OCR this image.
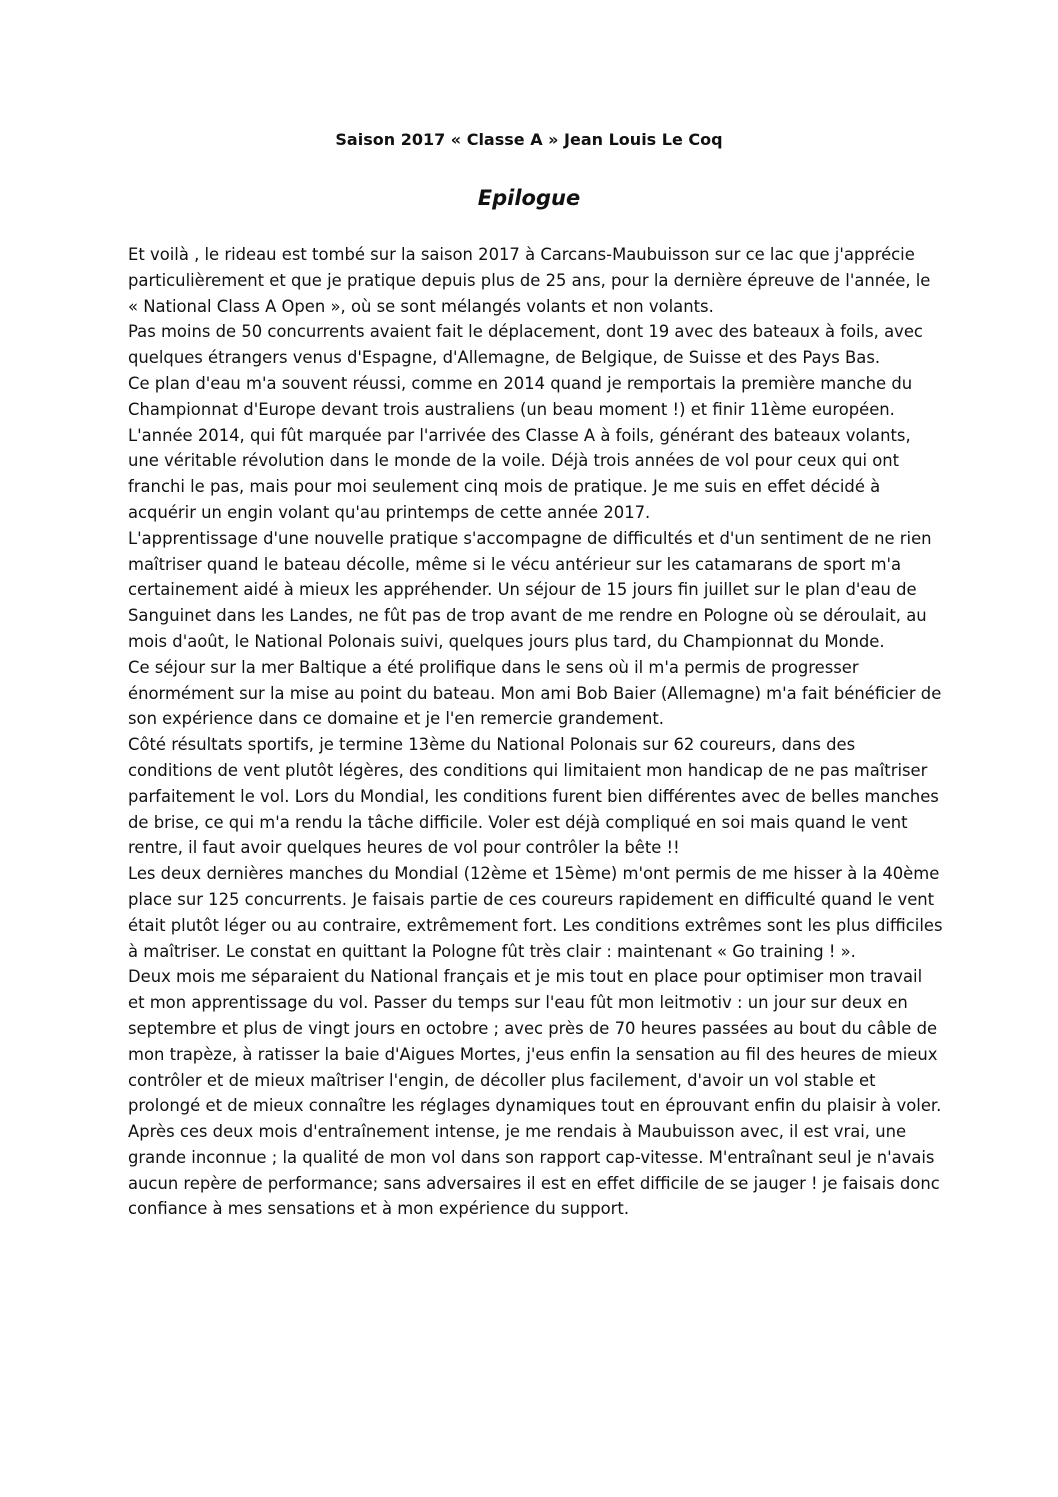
Saison 2017 « Classe A » Jean Louis Le Coq
Epilogue

Et voilà , le rideau est tombé sur la saison 2017 à Carcans-Maubuisson sur ce lac que j'apprécie particulièrement et que je pratique depuis plus de 25 ans, pour la dernière épreuve de l'année, le « National Class A Open », où se sont mélangés volants et non volants.

Pas moins de 50 concurrents avaient fait le déplacement, dont 19 avec des bateaux à foils, avec quelques étrangers venus d'Espagne, d'Allemagne, de Belgique, de Suisse et des Pays Bas.

Ce plan d'eau m'a souvent réussi, comme en 2014 quand je remportais la première manche du Championnat d'Europe devant trois australiens (un beau moment !) et finir 11ème européen. L'année 2014, qui fût marquée par l'arrivée des Classe A à foils, générant des bateaux volants, une véritable révolution dans le monde de la voile. Déjà trois années de vol pour ceux qui ont franchi le pas, mais pour moi seulement cinq mois de pratique. Je me suis en effet décidé à acquérir un engin volant qu'au printemps de cette année 2017.

L'apprentissage d'une nouvelle pratique s'accompagne de difficultés et d'un sentiment de ne rien maîtriser quand le bateau décolle, même si le vécu antérieur sur les catamarans de sport m'a certainement aidé à mieux les appréhender. Un séjour de 15 jours fin juillet sur le plan d'eau de Sanguinet dans les Landes, ne fût pas de trop avant de me rendre en Pologne où se déroulait, au mois d'août, le National Polonais suivi, quelques jours plus tard, du Championnat du Monde.

Ce séjour sur la mer Baltique a été prolifique dans le sens où il m'a permis de progresser énormément sur la mise au point du bateau. Mon ami Bob Baier (Allemagne) m'a fait bénéficier de son expérience dans ce domaine et je l'en remercie grandement.

Côté résultats sportifs, je termine 13ème du National Polonais sur 62 coureurs, dans des conditions de vent plutôt légères, des conditions qui limitaient mon handicap de ne pas maîtriser parfaitement le vol. Lors du Mondial, les conditions furent bien différentes avec de belles manches de brise, ce qui m'a rendu la tâche difficile. Voler est déjà compliqué en soi mais quand le vent rentre, il faut avoir quelques heures de vol pour contrôler la bête !!

Les deux dernières manches du Mondial (12ème et 15ème) m'ont permis de me hisser à la 40ème place sur 125 concurrents. Je faisais partie de ces coureurs rapidement en difficulté quand le vent était plutôt léger ou au contraire, extrêmement fort. Les conditions extrêmes sont les plus difficiles à maîtriser. Le constat en quittant la Pologne fût très clair : maintenant « Go training ! ».

Deux mois me séparaient du National français et je mis tout en place pour optimiser mon travail et mon apprentissage du vol. Passer du temps sur l'eau fût mon leitmotiv : un jour sur deux en septembre et plus de vingt jours en octobre ; avec près de 70 heures passées au bout du câble de mon trapèze, à ratisser la baie d'Aigues Mortes, j'eus enfin la sensation au fil des heures de mieux contrôler et de mieux maîtriser l'engin, de décoller plus facilement, d'avoir un vol stable et prolongé et de mieux connaître les réglages dynamiques tout en éprouvant enfin du plaisir à voler.

Après ces deux mois d'entraînement intense, je me rendais à Maubuisson avec, il est vrai, une grande inconnue ; la qualité de mon vol dans son rapport cap-vitesse. M'entraînant seul je n'avais aucun repère de performance; sans adversaires il est en effet difficile de se jauger ! je faisais donc confiance à mes sensations et à mon expérience du support.
